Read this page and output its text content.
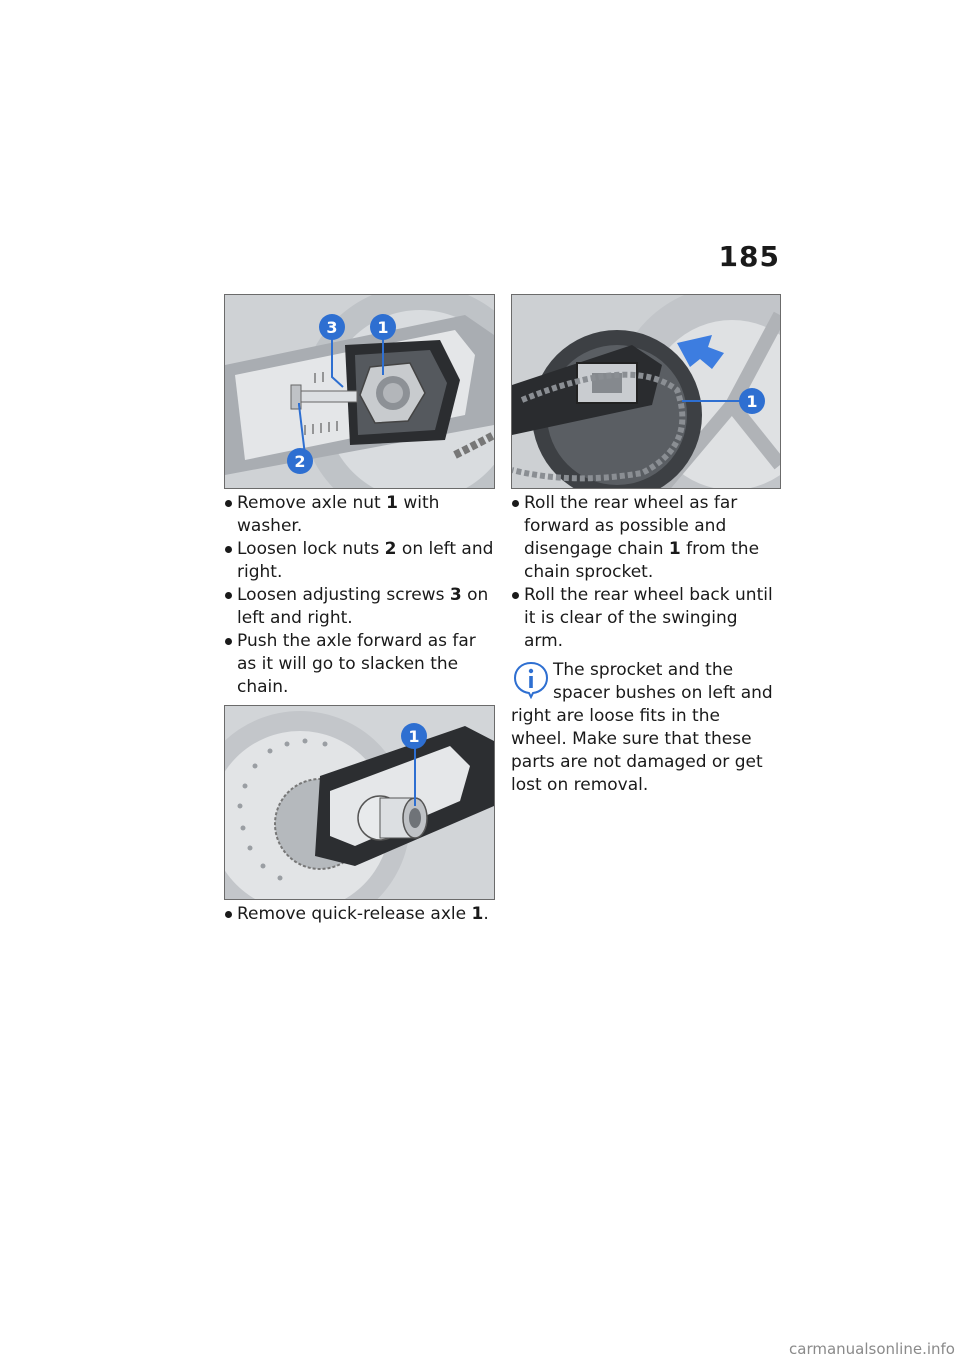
185
3 1
2
1
1
Remove axle nut 1 with washer.
Loosen lock nuts 2 on left and right.
Loosen adjusting screws 3 on left and right.
Push the axle forward as far as it will go to slacken the chain.
Remove quick-release axle 1.
Roll the rear wheel as far forward as possible and disengage chain 1 from the chain sprocket.
Roll the rear wheel back until it is clear of the swinging arm.

The sprocket and the

spacer bushes on left and

right are loose fits in the wheel. Make sure that these parts are not damaged or get lost on removal.

carmanualsonline.info
